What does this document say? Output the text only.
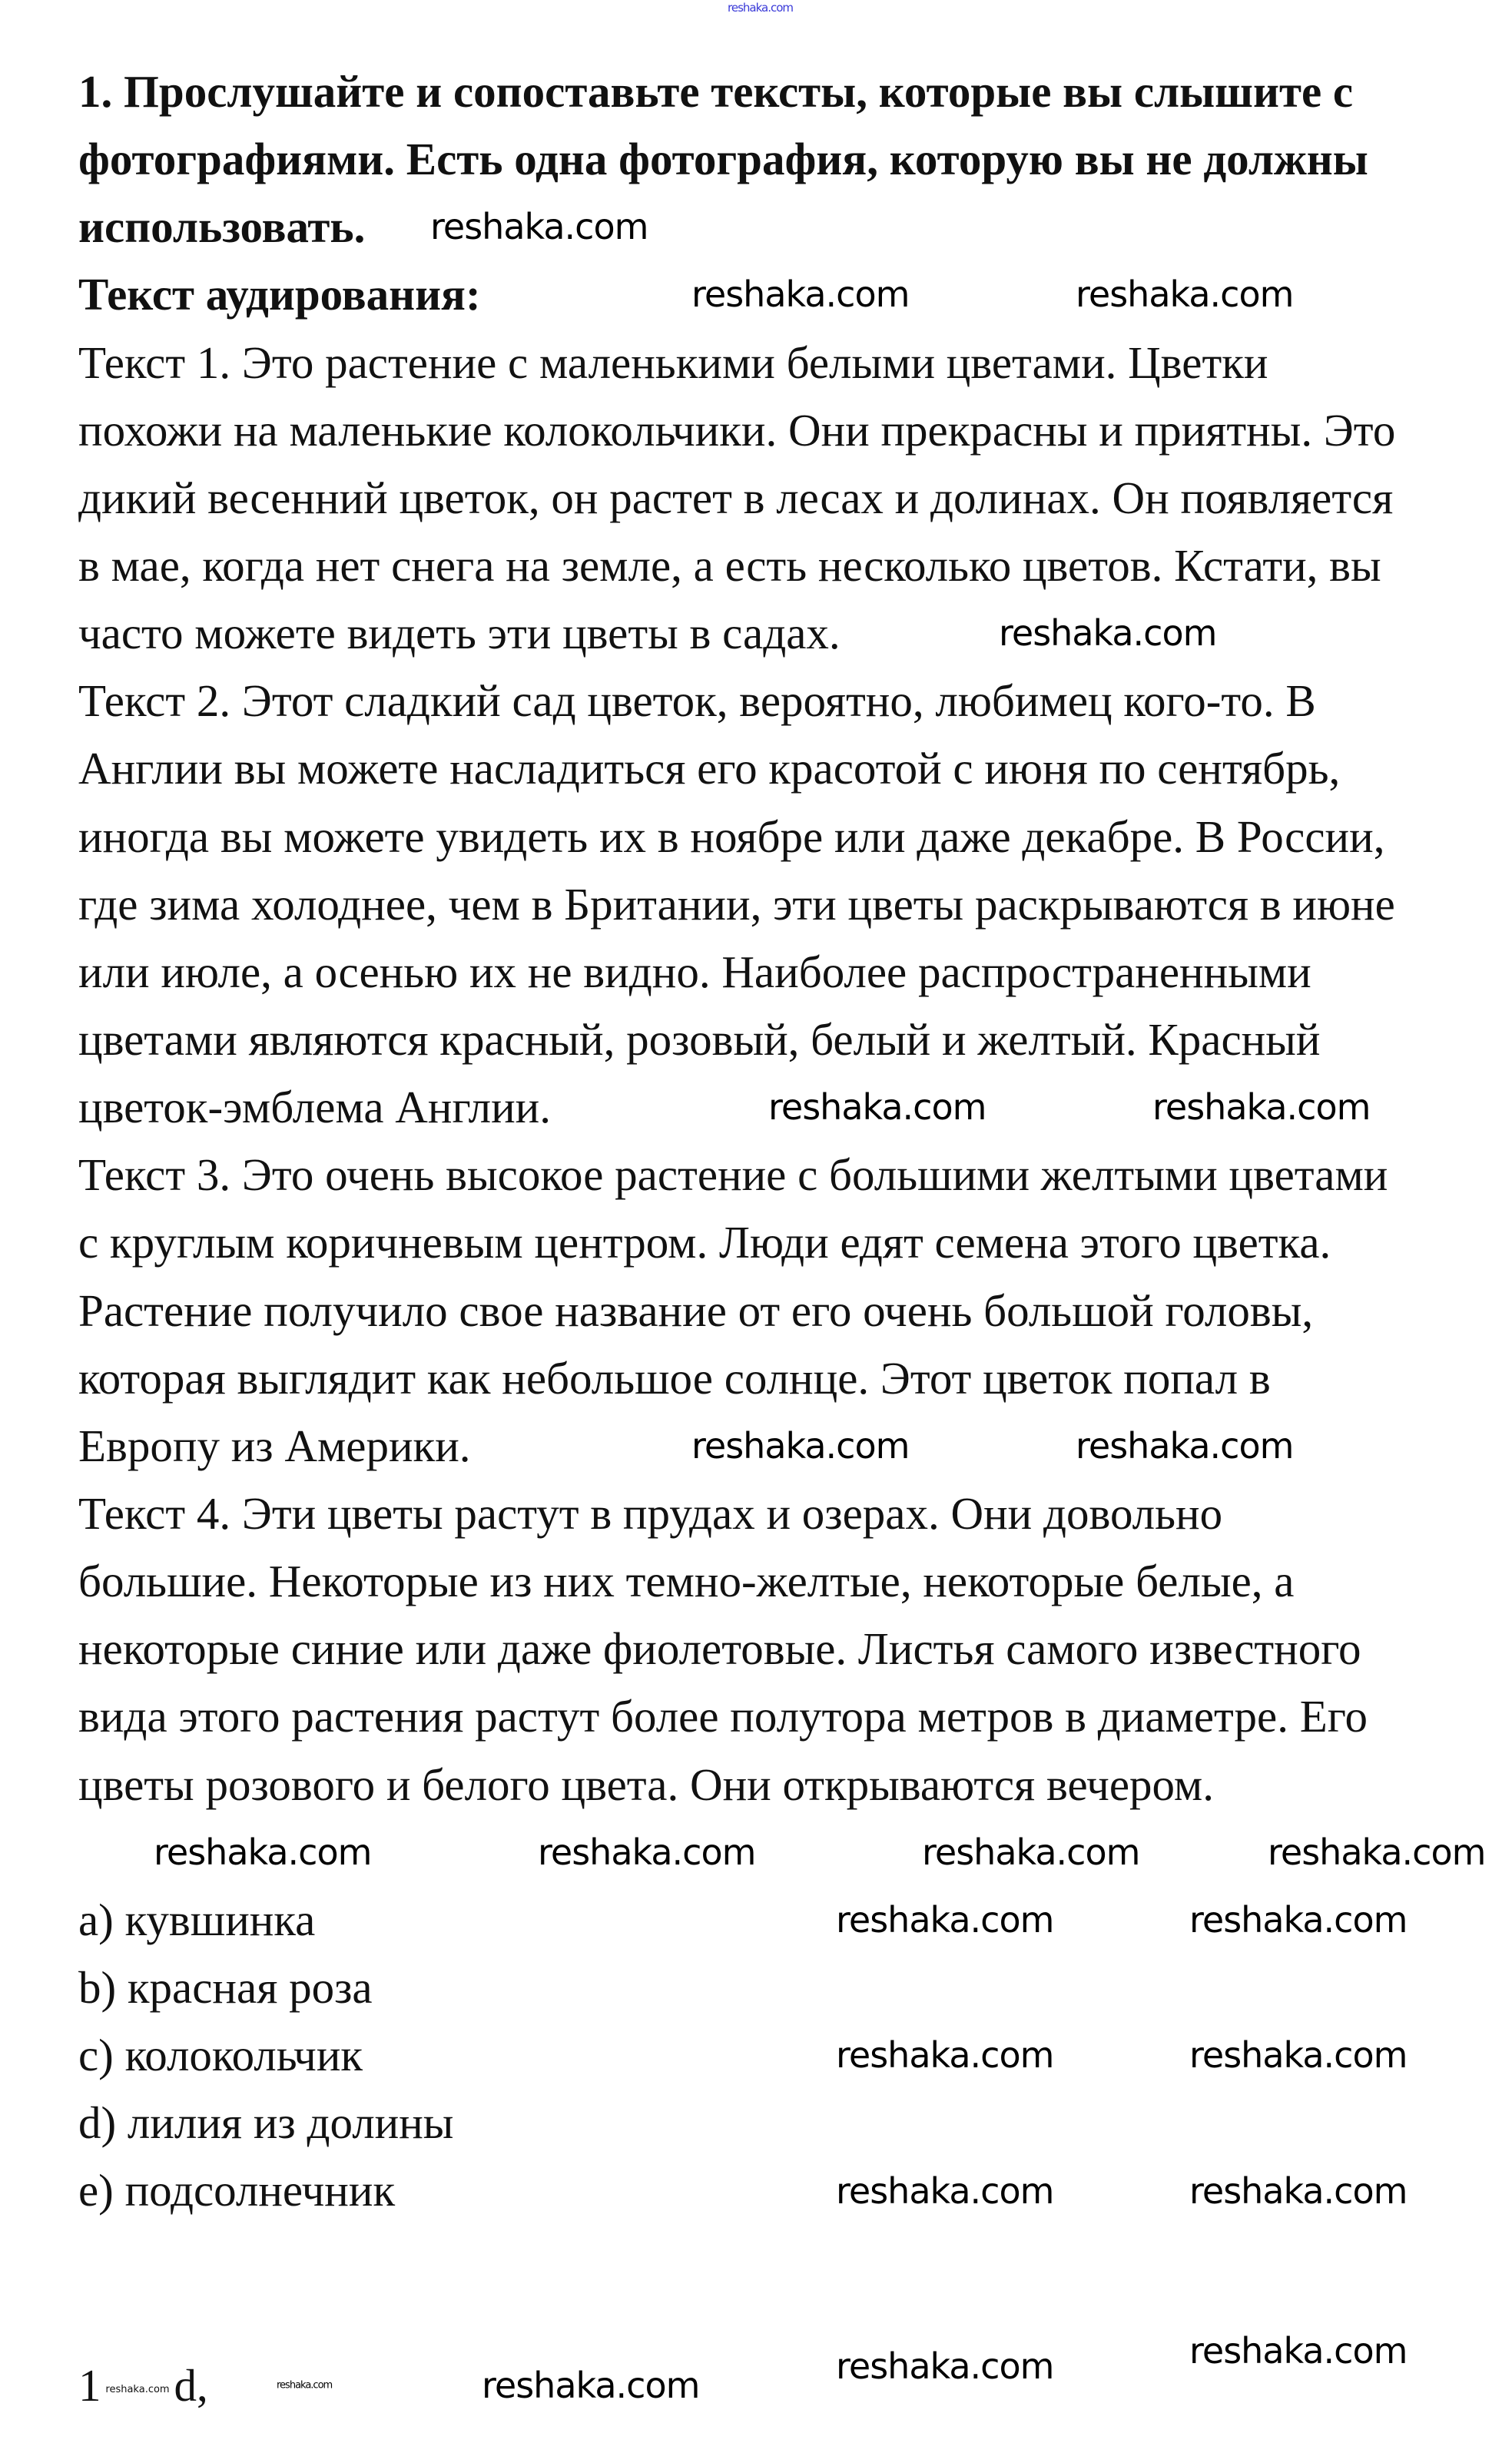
1. Прослушайте и сопоставьте тексты, которые вы слышите с
фотографиями. Есть одна фотография, которую вы не должны
использовать.
Текст аудирования:
Текст 1. Это растение с маленькими белыми цветами. Цветки
похожи на маленькие колокольчики. Они прекрасны и приятны. Это
дикий весенний цветок, он растет в лесах и долинах. Он появляется
в мае, когда нет снега на земле, а есть несколько цветов. Кстати, вы
часто можете видеть эти цветы в садах.
Текст 2. Этот сладкий сад цветок, вероятно, любимец кого-то. В
Англии вы можете насладиться его красотой с июня по сентябрь,
иногда вы можете увидеть их в ноябре или даже декабре. В России,
где зима холоднее, чем в Британии, эти цветы раскрываются в июне
или июле, а осенью их не видно. Наиболее распространенными
цветами являются красный, розовый, белый и желтый. Красный
цветок-эмблема Англии.
Текст 3. Это очень высокое растение с большими желтыми цветами
с круглым коричневым центром. Люди едят семена этого цветка.
Растение получило свое название от его очень большой головы,
которая выглядит как небольшое солнце. Этот цветок попал в
Европу из Америки.
Текст 4. Эти цветы растут в прудах и озерах. Они довольно
большие. Некоторые из них темно-желтые, некоторые белые, а
некоторые синие или даже фиолетовые. Листья самого известного
вида этого растения растут более полутора метров в диаметре. Его
цветы розового и белого цвета. Они открываются вечером.
a) кувшинка
b) красная роза
c) колокольчик
d) лилия из долины
e) подсолнечник
1 reshaka.com d,
reshaka.com
reshaka.com	reshaka.com
reshaka.com
reshaka.com	reshaka.com
reshaka.com	reshaka.com
reshaka.com	reshaka.com	reshaka.com	reshaka.com
reshaka.com	reshaka.com
reshaka.com	reshaka.com
reshaka.com	reshaka.com
reshaka.com	reshaka.com	reshaka.com
reshaka.com
reshaka.com
